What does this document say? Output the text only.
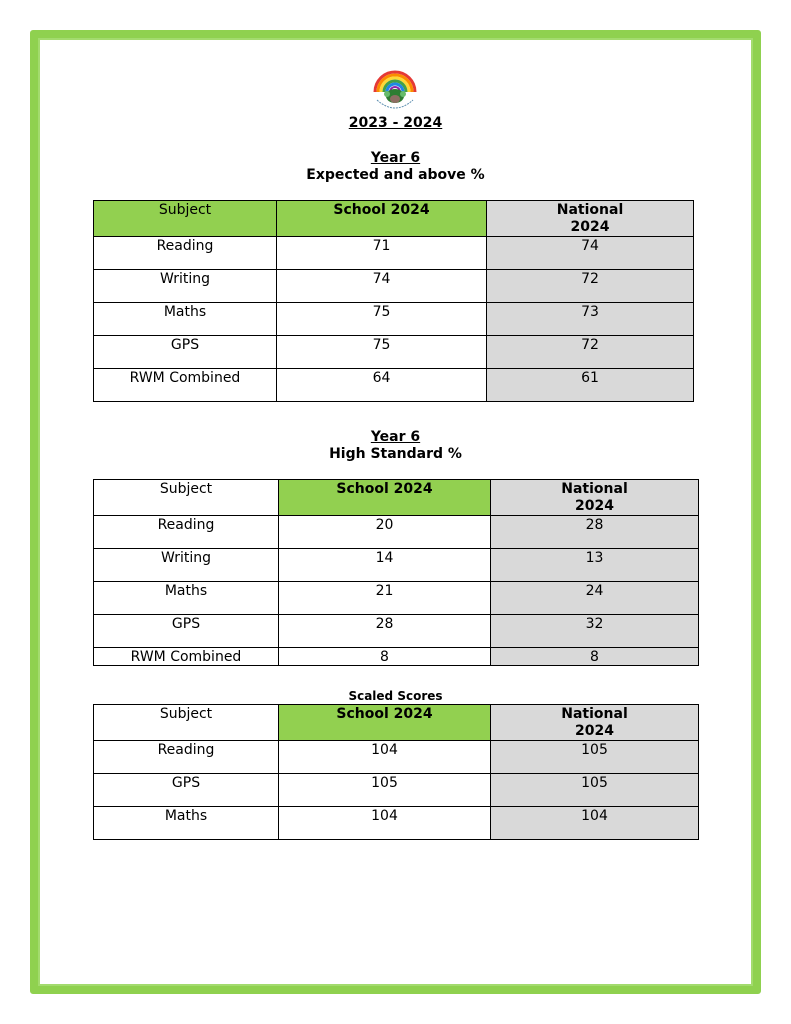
2023 - 2024
Year 6
Expected and above %
Subject	School 2024	National
2024
Reading	71	74
Writing	74	72
Maths	75	73
GPS	75	72
RWM Combined	64	61
Year 6
High Standard %
Subject	School 2024	National
2024
Reading	20	28
Writing	14	13
Maths	21	24
GPS	28	32
RWM Combined	8	8
Scaled Scores
Subject	School 2024	National
2024
Reading	104	105
GPS	105	105
Maths	104	104
